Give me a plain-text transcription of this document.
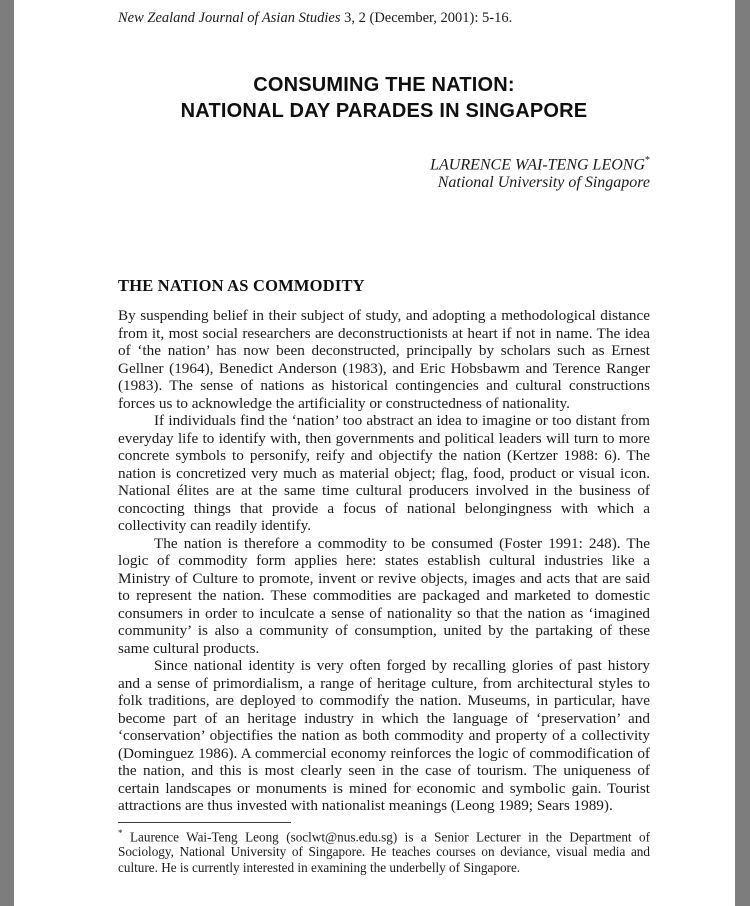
New Zealand Journal of Asian Studies 3, 2 (December, 2001): 5-16.
CONSUMING THE NATION:
NATIONAL DAY PARADES IN SINGAPORE
LAURENCE WAI-TENG LEONG*
National University of Singapore
THE NATION AS COMMODITY

By suspending belief in their subject of study, and adopting a methodological distance from it, most social researchers are deconstructionists at heart if not in name. The idea of ‘the nation’ has now been deconstructed, principally by scholars such as Ernest Gellner (1964), Benedict Anderson (1983), and Eric Hobsbawm and Terence Ranger (1983). The sense of nations as historical contingencies and cultural constructions forces us to acknowledge the artificiality or constructedness of nationality.

If individuals find the ‘nation’ too abstract an idea to imagine or too distant from everyday life to identify with, then governments and political leaders will turn to more concrete symbols to personify, reify and objectify the nation (Kertzer 1988: 6). The nation is concretized very much as material object; flag, food, product or visual icon. National élites are at the same time cultural producers involved in the business of concocting things that provide a focus of national belongingness with which a collectivity can readily identify.

The nation is therefore a commodity to be consumed (Foster 1991: 248). The logic of commodity form applies here: states establish cultural industries like a Ministry of Culture to promote, invent or revive objects, images and acts that are said to represent the nation. These commodities are packaged and marketed to domestic consumers in order to inculcate a sense of nationality so that the nation as ‘imagined community’ is also a community of consumption, united by the partaking of these same cultural products.

Since national identity is very often forged by recalling glories of past history and a sense of primordialism, a range of heritage culture, from architectural styles to folk traditions, are deployed to commodify the nation. Museums, in particular, have become part of an heritage industry in which the language of ‘preservation’ and ‘conservation’ objectifies the nation as both commodity and property of a collectivity (Dominguez 1986). A commercial economy reinforces the logic of commodification of the nation, and this is most clearly seen in the case of tourism. The uniqueness of certain landscapes or monuments is mined for economic and symbolic gain. Tourist attractions are thus invested with nationalist meanings (Leong 1989; Sears 1989).

* Laurence Wai-Teng Leong (soclwt@nus.edu.sg) is a Senior Lecturer in the Department of Sociology, National University of Singapore. He teaches courses on deviance, visual media and culture. He is currently interested in examining the underbelly of Singapore.
